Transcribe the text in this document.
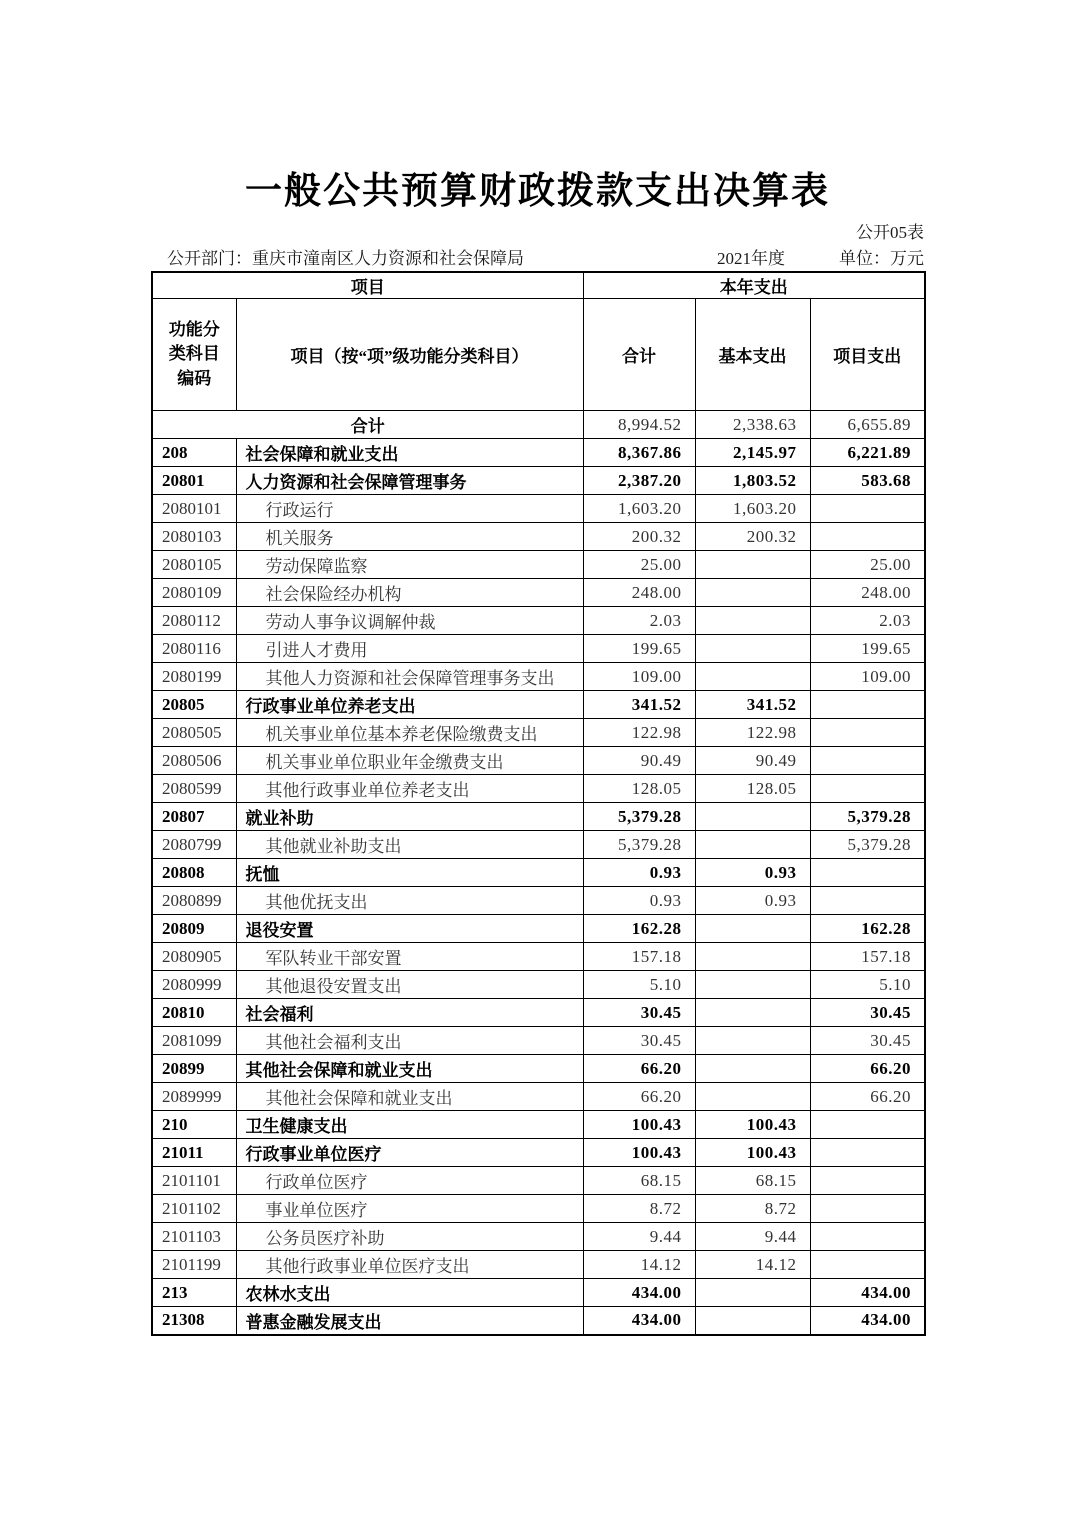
一般公共预算财政拨款支出决算表
公开05表
公开部门：重庆市潼南区人力资源和社会保障局	2021年度	单位：万元
项目		本年支出		
功能分类科目编码	项目（按“项”级功能分类科目）	合计	基本支出	项目支出
合计		8,994.52	2,338.63	6,655.89
208	社会保障和就业支出	8,367.86	2,145.97	6,221.89
20801	人力资源和社会保障管理事务	2,387.20	1,803.52	583.68
2080101	行政运行	1,603.20	1,603.20	
2080103	机关服务	200.32	200.32	
2080105	劳动保障监察	25.00		25.00
2080109	社会保险经办机构	248.00		248.00
2080112	劳动人事争议调解仲裁	2.03		2.03
2080116	引进人才费用	199.65		199.65
2080199	其他人力资源和社会保障管理事务支出	109.00		109.00
20805	行政事业单位养老支出	341.52	341.52	
2080505	机关事业单位基本养老保险缴费支出	122.98	122.98	
2080506	机关事业单位职业年金缴费支出	90.49	90.49	
2080599	其他行政事业单位养老支出	128.05	128.05	
20807	就业补助	5,379.28		5,379.28
2080799	其他就业补助支出	5,379.28		5,379.28
20808	抚恤	0.93	0.93	
2080899	其他优抚支出	0.93	0.93	
20809	退役安置	162.28		162.28
2080905	军队转业干部安置	157.18		157.18
2080999	其他退役安置支出	5.10		5.10
20810	社会福利	30.45		30.45
2081099	其他社会福利支出	30.45		30.45
20899	其他社会保障和就业支出	66.20		66.20
2089999	其他社会保障和就业支出	66.20		66.20
210	卫生健康支出	100.43	100.43	
21011	行政事业单位医疗	100.43	100.43	
2101101	行政单位医疗	68.15	68.15	
2101102	事业单位医疗	8.72	8.72	
2101103	公务员医疗补助	9.44	9.44	
2101199	其他行政事业单位医疗支出	14.12	14.12	
213	农林水支出	434.00		434.00
21308	普惠金融发展支出	434.00		434.00
